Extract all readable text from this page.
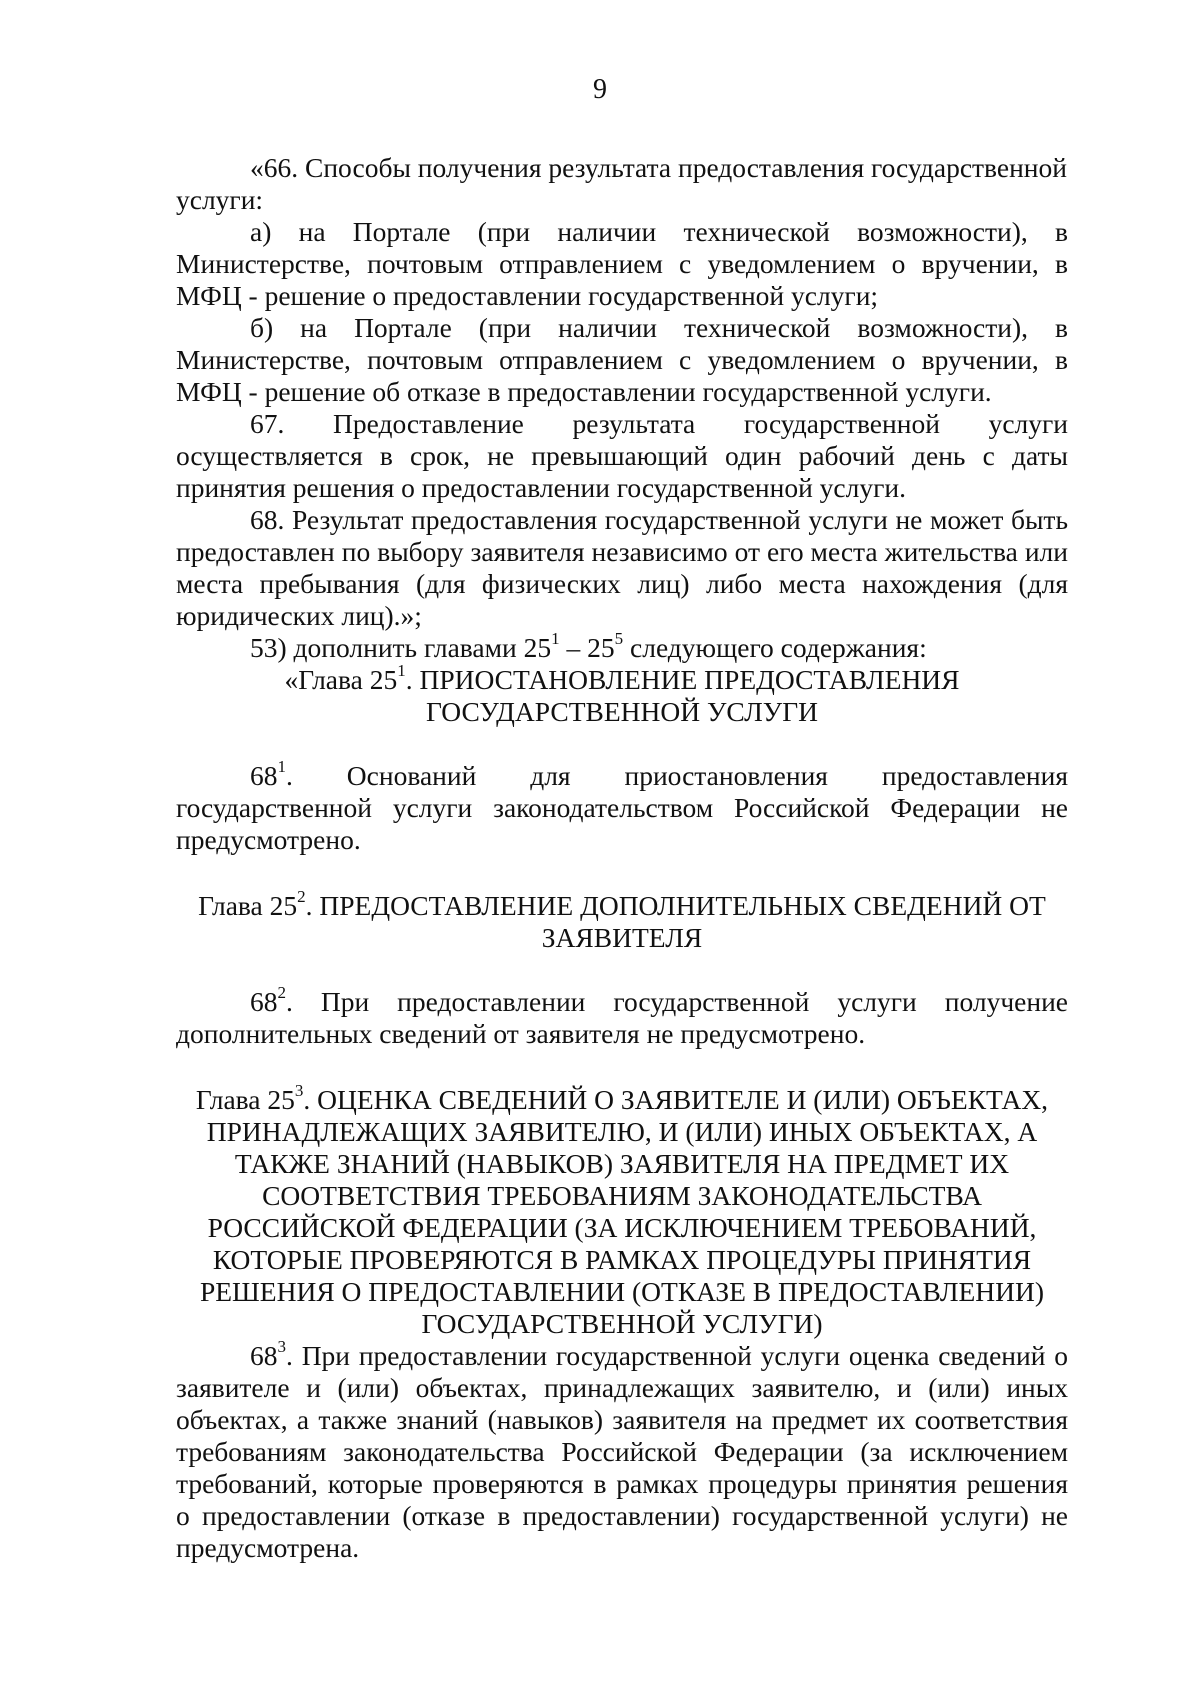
9

«66. Способы получения результата предоставления государственной

услуги:

а) на Портале (при наличии технической возможности), в Министерстве, почтовым отправлением с уведомлением о вручении, в МФЦ - решение о предоставлении государственной услуги;

б) на Портале (при наличии технической возможности), в Министерстве, почтовым отправлением с уведомлением о вручении, в МФЦ - решение об отказе в предоставлении государственной услуги.

67. Предоставление результата государственной услуги осуществляется в срок, не превышающий один рабочий день с даты принятия решения о предоставлении государственной услуги.

68. Результат предоставления государственной услуги не может быть предоставлен по выбору заявителя независимо от его места жительства или места пребывания (для физических лиц) либо места нахождения (для юридических лиц).»;

53) дополнить главами $25^1 - 25^5$ следующего содержания:

«Глава $25^1$. ПРИОСТАНОВЛЕНИЕ ПРЕДОСТАВЛЕНИЯ
ГОСУДАРСТВЕННОЙ УСЛУГИ

$68^1$. Оснований для приостановления предоставления государственной услуги законодательством Российской Федерации не предусмотрено.

Глава $25^2$. ПРЕДОСТАВЛЕНИЕ ДОПОЛНИТЕЛЬНЫХ СВЕДЕНИЙ ОТ
ЗАЯВИТЕЛЯ

$68^2$. При предоставлении государственной услуги получение дополнительных сведений от заявителя не предусмотрено.

Глава $25^3$. ОЦЕНКА СВЕДЕНИЙ О ЗАЯВИТЕЛЕ И (ИЛИ) ОБЪЕКТАХ,
ПРИНАДЛЕЖАЩИХ ЗАЯВИТЕЛЮ, И (ИЛИ) ИНЫХ ОБЪЕКТАХ, А
ТАКЖЕ ЗНАНИЙ (НАВЫКОВ) ЗАЯВИТЕЛЯ НА ПРЕДМЕТ ИХ
СООТВЕТСТВИЯ ТРЕБОВАНИЯМ ЗАКОНОДАТЕЛЬСТВА
РОССИЙСКОЙ ФЕДЕРАЦИИ (ЗА ИСКЛЮЧЕНИЕМ ТРЕБОВАНИЙ,
КОТОРЫЕ ПРОВЕРЯЮТСЯ В РАМКАХ ПРОЦЕДУРЫ ПРИНЯТИЯ
РЕШЕНИЯ О ПРЕДОСТАВЛЕНИИ (ОТКАЗЕ В ПРЕДОСТАВЛЕНИИ)
ГОСУДАРСТВЕННОЙ УСЛУГИ)

$68^3$. При предоставлении государственной услуги оценка сведений о заявителе и (или) объектах, принадлежащих заявителю, и (или) иных объектах, а также знаний (навыков) заявителя на предмет их соответствия требованиям законодательства Российской Федерации (за исключением требований, которые проверяются в рамках процедуры принятия решения о предоставлении (отказе в предоставлении) государственной услуги) не предусмотрена.
